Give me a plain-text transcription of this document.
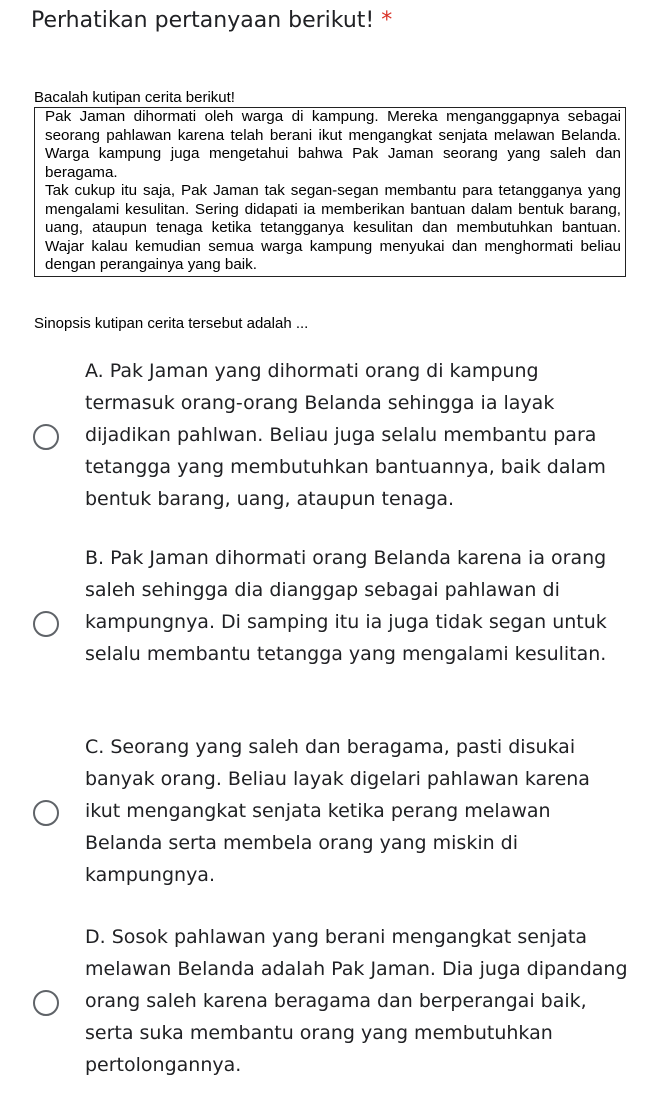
Perhatikan pertanyaan berikut! *
Bacalah kutipan cerita berikut!

Pak Jaman dihormati oleh warga di kampung. Mereka menganggapnya sebagai seorang pahlawan karena telah berani ikut mengangkat senjata melawan Belanda. Warga kampung juga mengetahui bahwa Pak Jaman seorang yang saleh dan beragama.

Tak cukup itu saja, Pak Jaman tak segan-segan membantu para tetangganya yang mengalami kesulitan. Sering didapati ia memberikan bantuan dalam bentuk barang, uang, ataupun tenaga ketika tetangganya kesulitan dan membutuhkan bantuan. Wajar kalau kemudian semua warga kampung menyukai dan menghormati beliau dengan perangainya yang baik.

Sinopsis kutipan cerita tersebut adalah ...
A. Pak Jaman yang dihormati orang di kampung termasuk orang-orang Belanda sehingga ia layak dijadikan pahlwan. Beliau juga selalu membantu para tetangga yang membutuhkan bantuannya, baik dalam bentuk barang, uang, ataupun tenaga.
B. Pak Jaman dihormati orang Belanda karena ia orang saleh sehingga dia dianggap sebagai pahlawan di kampungnya. Di samping itu ia juga tidak segan untuk selalu membantu tetangga yang mengalami kesulitan.
C. Seorang yang saleh dan beragama, pasti disukai banyak orang. Beliau layak digelari pahlawan karena ikut mengangkat senjata ketika perang melawan Belanda serta membela orang yang miskin di kampungnya.
D. Sosok pahlawan yang berani mengangkat senjata melawan Belanda adalah Pak Jaman. Dia juga dipandang orang saleh karena beragama dan berperangai baik, serta suka membantu orang yang membutuhkan pertolongannya.
